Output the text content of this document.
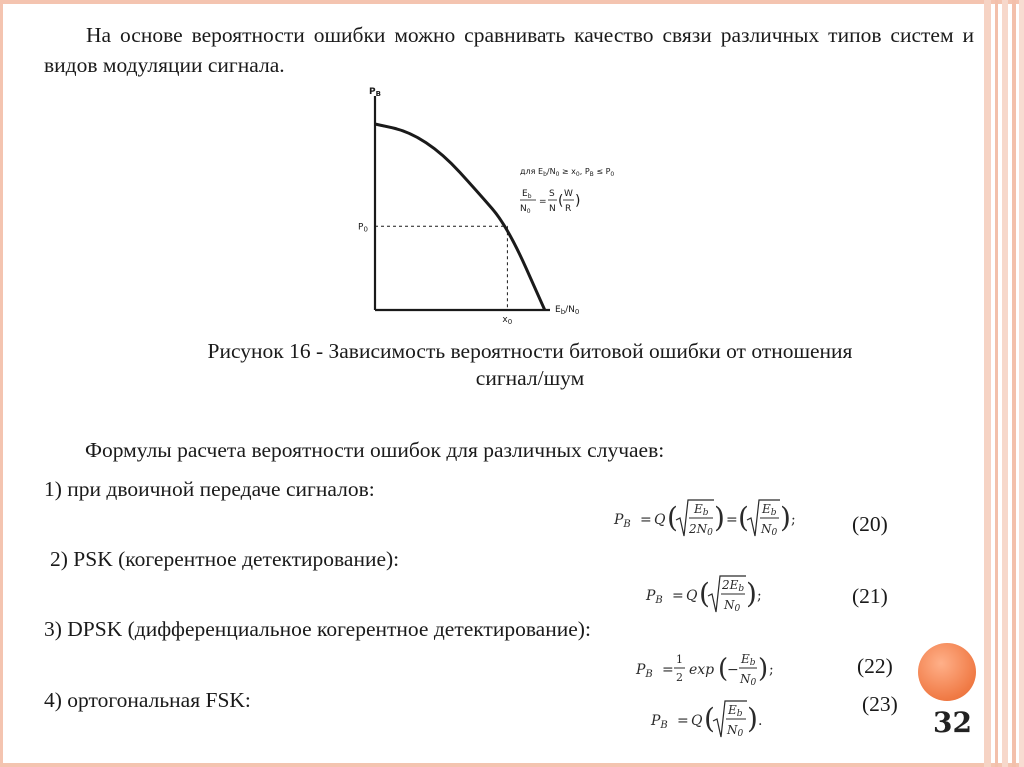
На основе вероятности ошибки можно сравнивать качество связи различных типов систем и видов модуляции сигнала.
$P_B$
$P_0$
$x_0$
$E_b/N_0$
для $E_b/N_0 \ge x_0$, $P_B \le P_0$
$E_b$
$N_0$
=
S
N ( W
R )
Рисунок 16 - Зависимость вероятности битовой ошибки от отношения
сигнал/шум
Формулы расчета вероятности ошибок для различных случаев:
1) при двоичной передаче сигналов:
$P_B = Q$ ( Eb
2N0 ) = ( Eb
N0 ) ;	(20)
2) PSK (когерентное детектирование):
$P_B = Q$ ( 2Eb
N0 ) ;	(21)
3) DPSK (дифференциальное когерентное детектирование):
$P_B$ =
1
2 exp (
−
Eb
N0 ) ;	(22)
4) ортогональная FSK:
$P_B = Q$ ( Eb
N0 ) .
(23)
32
